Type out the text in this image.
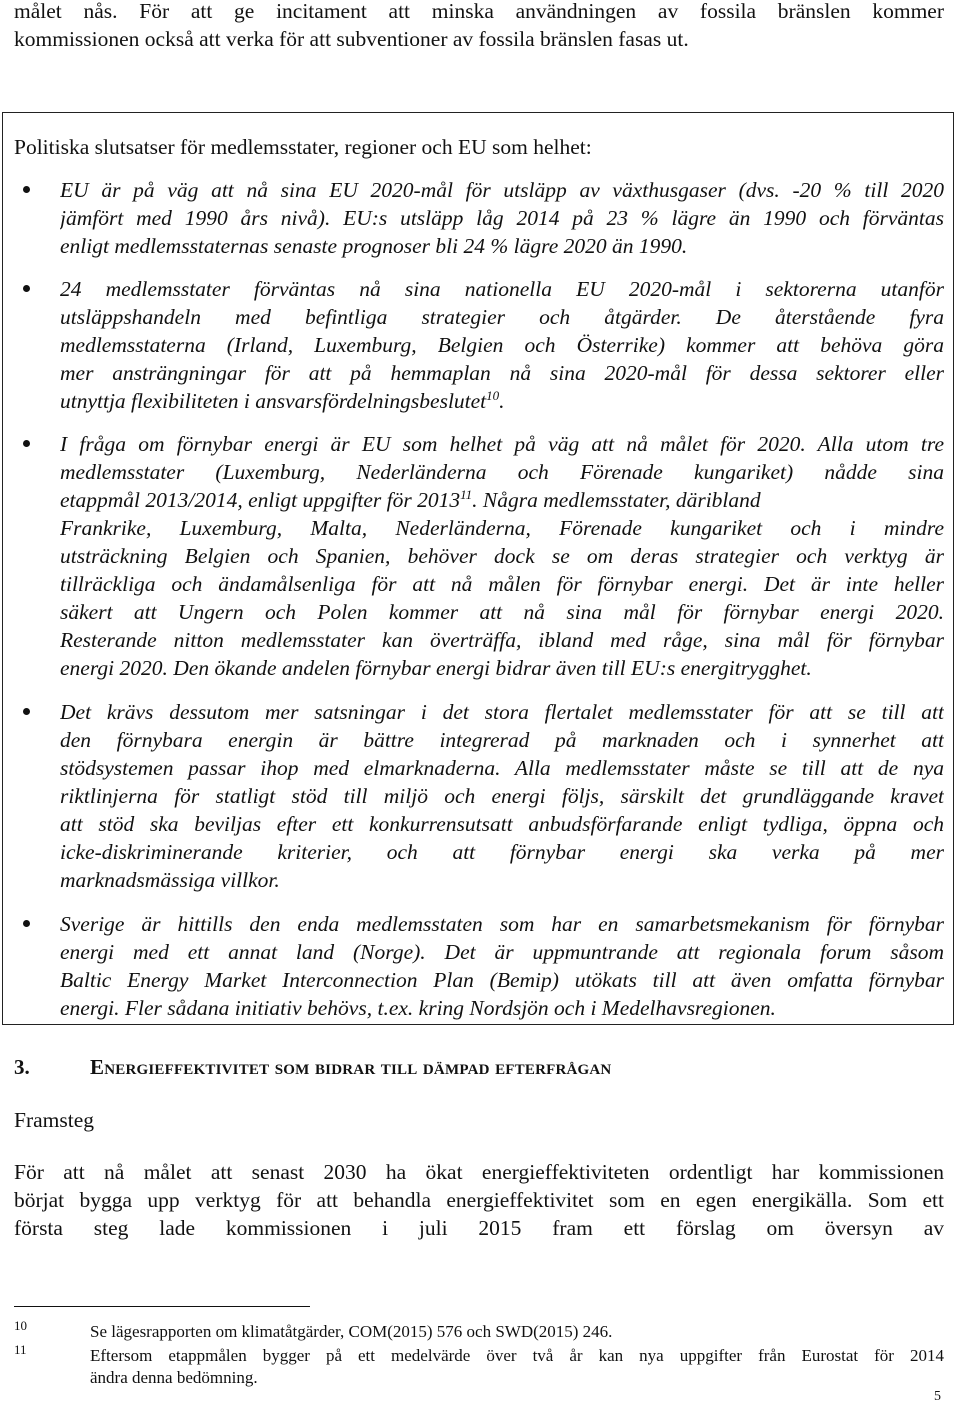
målet nås. För att ge incitament att minska användningen av fossila bränslen kommer
kommissionen också att verka för att subventioner av fossila bränslen fasas ut.
Politiska slutsatser för medlemsstater, regioner och EU som helhet:
EU är på väg att nå sina EU 2020-mål för utsläpp av växthusgaser (dvs. -20 % till 2020
jämfört med 1990 års nivå). EU:s utsläpp låg 2014 på 23 % lägre än 1990 och förväntas
enligt medlemsstaternas senaste prognoser bli 24 % lägre 2020 än 1990.
24 medlemsstater förväntas nå sina nationella EU 2020-mål i sektorerna utanför
utsläppshandeln med befintliga strategier och åtgärder. De återstående fyra
medlemsstaterna (Irland, Luxemburg, Belgien och Österrike) kommer att behöva göra
mer ansträngningar för att på hemmaplan nå sina 2020-mål för dessa sektorer eller
utnyttja flexibiliteten i ansvarsfördelningsbeslutet$^{10}$.
I fråga om förnybar energi är EU som helhet på väg att nå målet för 2020. Alla utom tre
medlemsstater (Luxemburg, Nederländerna och Förenade kungariket) nådde sina
etappmål 2013/2014, enligt uppgifter för 2013$^{11}$. Några medlemsstater, däribland
Frankrike, Luxemburg, Malta, Nederländerna, Förenade kungariket och i mindre
utsträckning Belgien och Spanien, behöver dock se om deras strategier och verktyg är
tillräckliga och ändamålsenliga för att nå målen för förnybar energi. Det är inte heller
säkert att Ungern och Polen kommer att nå sina mål för förnybar energi 2020.
Resterande nitton medlemsstater kan överträffa, ibland med råge, sina mål för förnybar
energi 2020. Den ökande andelen förnybar energi bidrar även till EU:s energitrygghet.
Det krävs dessutom mer satsningar i det stora flertalet medlemsstater för att se till att
den förnybara energin är bättre integrerad på marknaden och i synnerhet att
stödsystemen passar ihop med elmarknaderna. Alla medlemsstater måste se till att de nya
riktlinjerna för statligt stöd till miljö och energi följs, särskilt det grundläggande kravet
att stöd ska beviljas efter ett konkurrensutsatt anbudsförfarande enligt tydliga, öppna och
icke-diskriminerande kriterier, och att förnybar energi ska verka på mer
marknadsmässiga villkor.
Sverige är hittills den enda medlemsstaten som har en samarbetsmekanism för förnybar
energi med ett annat land (Norge). Det är uppmuntrande att regionala forum såsom
Baltic Energy Market Interconnection Plan (Bemip) utökats till att även omfatta förnybar
energi. Fler sådana initiativ behövs, t.ex. kring Nordsjön och i Medelhavsregionen.
3.	Energieffektivitet som bidrar till dämpad efterfrågan
Framsteg
För att nå målet att senast 2030 ha ökat energieffektiviteten ordentligt har kommissionen
börjat bygga upp verktyg för att behandla energieffektivitet som en egen energikälla. Som ett
första steg lade kommissionen i juli 2015 fram ett förslag om översyn av
10	Se lägesrapporten om klimatåtgärder, COM(2015) 576 och SWD(2015) 246.
11	Eftersom etappmålen bygger på ett medelvärde över två år kan nya uppgifter från Eurostat för 2014
ändra denna bedömning.
5
